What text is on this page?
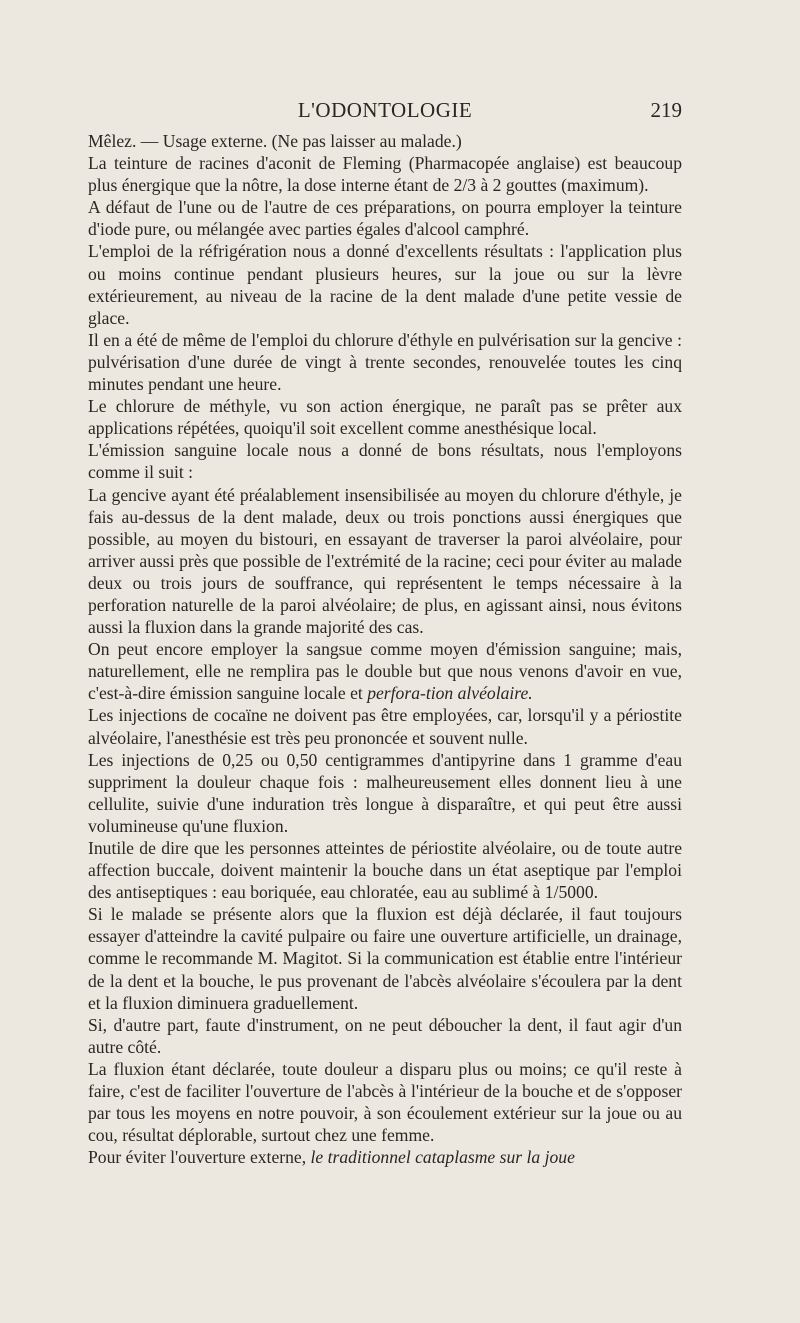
L'ODONTOLOGIE	219

Mêlez. — Usage externe. (Ne pas laisser au malade.)

La teinture de racines d'aconit de Fleming (Pharmacopée anglaise) est beaucoup plus énergique que la nôtre, la dose interne étant de 2/3 à 2 gouttes (maximum).

A défaut de l'une ou de l'autre de ces préparations, on pourra employer la teinture d'iode pure, ou mélangée avec parties égales d'alcool camphré.

L'emploi de la réfrigération nous a donné d'excellents résultats : l'application plus ou moins continue pendant plusieurs heures, sur la joue ou sur la lèvre extérieurement, au niveau de la racine de la dent malade d'une petite vessie de glace.

Il en a été de même de l'emploi du chlorure d'éthyle en pulvérisation sur la gencive : pulvérisation d'une durée de vingt à trente secondes, renouvelée toutes les cinq minutes pendant une heure.

Le chlorure de méthyle, vu son action énergique, ne paraît pas se prêter aux applications répétées, quoiqu'il soit excellent comme anesthésique local.

L'émission sanguine locale nous a donné de bons résultats, nous l'employons comme il suit :

La gencive ayant été préalablement insensibilisée au moyen du chlorure d'éthyle, je fais au-dessus de la dent malade, deux ou trois ponctions aussi énergiques que possible, au moyen du bistouri, en essayant de traverser la paroi alvéolaire, pour arriver aussi près que possible de l'extrémité de la racine; ceci pour éviter au malade deux ou trois jours de souffrance, qui représentent le temps nécessaire à la perforation naturelle de la paroi alvéolaire; de plus, en agissant ainsi, nous évitons aussi la fluxion dans la grande majorité des cas.

On peut encore employer la sangsue comme moyen d'émission sanguine; mais, naturellement, elle ne remplira pas le double but que nous venons d'avoir en vue, c'est-à-dire émission sanguine locale et perfora-tion alvéolaire.

Les injections de cocaïne ne doivent pas être employées, car, lorsqu'il y a périostite alvéolaire, l'anesthésie est très peu prononcée et souvent nulle.

Les injections de 0,25 ou 0,50 centigrammes d'antipyrine dans 1 gramme d'eau suppriment la douleur chaque fois : malheureusement elles donnent lieu à une cellulite, suivie d'une induration très longue à disparaître, et qui peut être aussi volumineuse qu'une fluxion.

Inutile de dire que les personnes atteintes de périostite alvéolaire, ou de toute autre affection buccale, doivent maintenir la bouche dans un état aseptique par l'emploi des antiseptiques : eau boriquée, eau chloratée, eau au sublimé à 1/5000.

Si le malade se présente alors que la fluxion est déjà déclarée, il faut toujours essayer d'atteindre la cavité pulpaire ou faire une ouverture artificielle, un drainage, comme le recommande M. Magitot. Si la communication est établie entre l'intérieur de la dent et la bouche, le pus provenant de l'abcès alvéolaire s'écoulera par la dent et la fluxion diminuera graduellement.

Si, d'autre part, faute d'instrument, on ne peut déboucher la dent, il faut agir d'un autre côté.

La fluxion étant déclarée, toute douleur a disparu plus ou moins; ce qu'il reste à faire, c'est de faciliter l'ouverture de l'abcès à l'intérieur de la bouche et de s'opposer par tous les moyens en notre pouvoir, à son écoulement extérieur sur la joue ou au cou, résultat déplorable, surtout chez une femme.

Pour éviter l'ouverture externe, le traditionnel cataplasme sur la joue
